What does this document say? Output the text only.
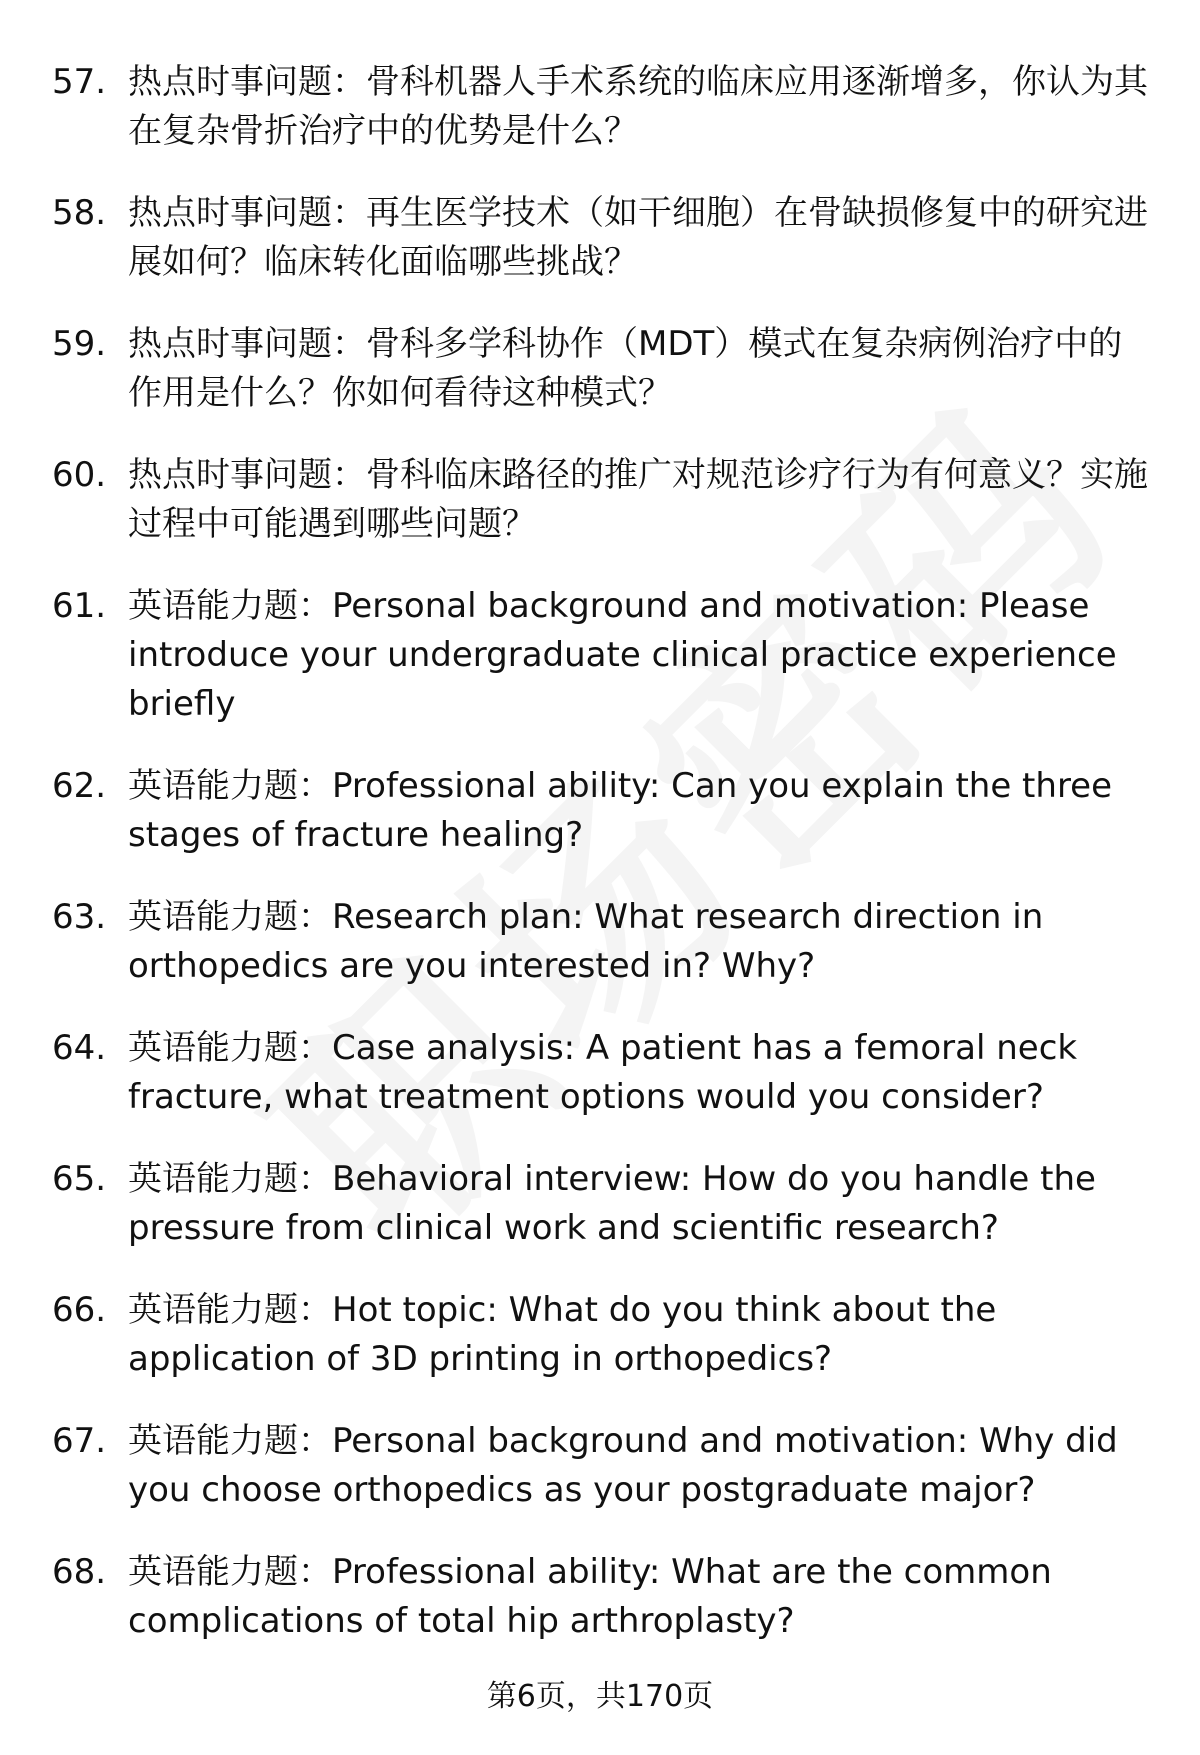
57. 热点时事问题：骨科机器人手术系统的临床应用逐渐增多，你认为其在复杂骨折治疗中的优势是什么？
58. 热点时事问题：再生医学技术（如干细胞）在骨缺损修复中的研究进展如何？临床转化面临哪些挑战？
59. 热点时事问题：骨科多学科协作（MDT）模式在复杂病例治疗中的作用是什么？你如何看待这种模式？
60. 热点时事问题：骨科临床路径的推广对规范诊疗行为有何意义？实施过程中可能遇到哪些问题？
61. 英语能力题：Personal background and motivation: Please introduce your undergraduate clinical practice experience briefly
62. 英语能力题：Professional ability: Can you explain the three stages of fracture healing?
63. 英语能力题：Research plan: What research direction in orthopedics are you interested in? Why?
64. 英语能力题：Case analysis: A patient has a femoral neck fracture, what treatment options would you consider?
65. 英语能力题：Behavioral interview: How do you handle the pressure from clinical work and scientific research?
66. 英语能力题：Hot topic: What do you think about the application of 3D printing in orthopedics?
67. 英语能力题：Personal background and motivation: Why did you choose orthopedics as your postgraduate major?
68. 英语能力题：Professional ability: What are the common complications of total hip arthroplasty?
第6页，共170页
